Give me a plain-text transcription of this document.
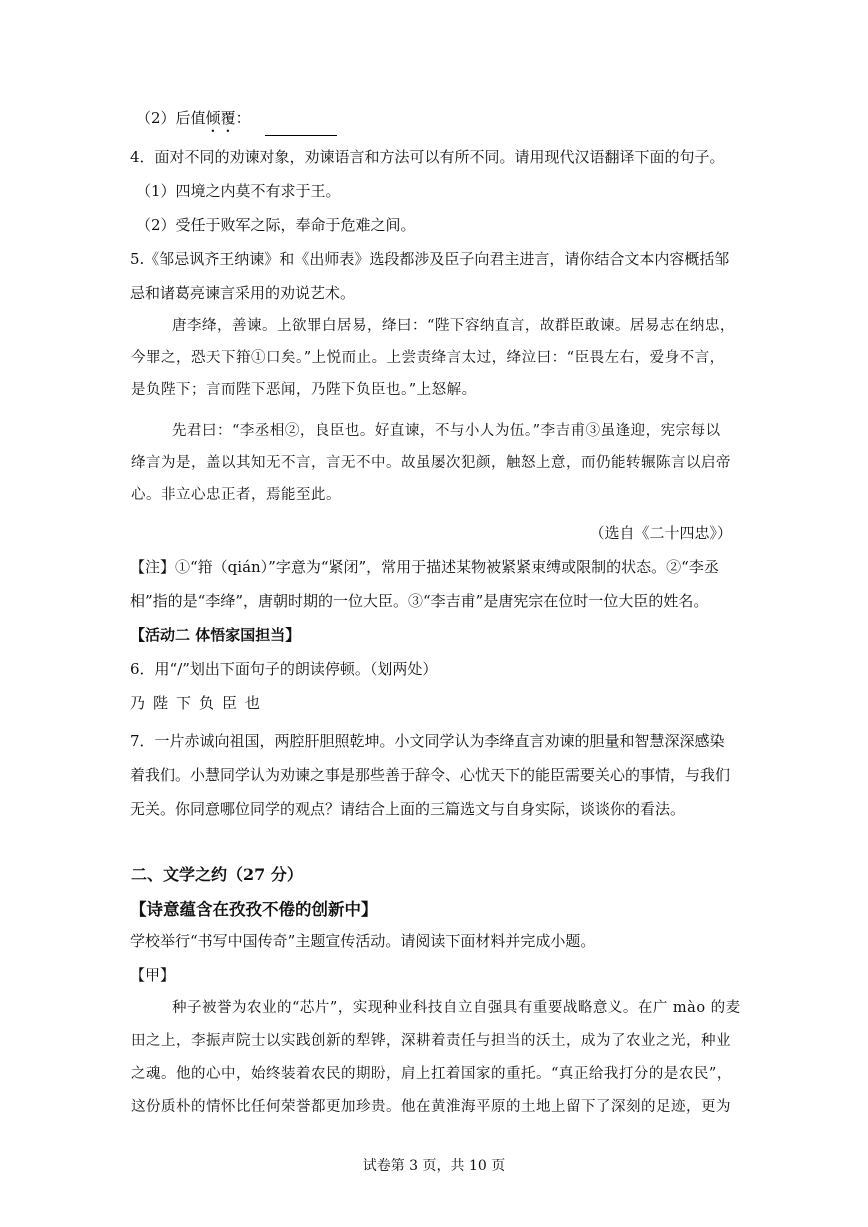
（2）后值倾覆：
4．面对不同的劝谏对象，劝谏语言和方法可以有所不同。请用现代汉语翻译下面的句子。
（1）四境之内莫不有求于王。
（2）受任于败军之际，奉命于危难之间。
5.《邹忌讽齐王纳谏》和《出师表》选段都涉及臣子向君主进言，请你结合文本内容概括邹
忌和诸葛亮谏言采用的劝说艺术。
唐李绛，善谏。上欲罪白居易，绛曰：“陛下容纳直言，故群臣敢谏。居易志在纳忠，
今罪之，恐天下箝①口矣。”上悦而止。上尝责绛言太过，绛泣曰：“臣畏左右，爱身不言，
是负陛下；言而陛下恶闻，乃陛下负臣也。”上怒解。
先君曰：“李丞相②，良臣也。好直谏，不与小人为伍。”李吉甫③虽逢迎，宪宗每以
绛言为是，盖以其知无不言，言无不中。故虽屡次犯颜，触怒上意，而仍能转辗陈言以启帝
心。非立心忠正者，焉能至此。
（选自《二十四忠》）
【注】①“箝（qián）”字意为“紧闭”，常用于描述某物被紧紧束缚或限制的状态。②“李丞
相”指的是“李绛”，唐朝时期的一位大臣。③“李吉甫”是唐宪宗在位时一位大臣的姓名。
【活动二 体悟家国担当】
6．用“/”划出下面句子的朗读停顿。（划两处）
乃陛下负臣也
7．一片赤诚向祖国，两腔肝胆照乾坤。小文同学认为李绛直言劝谏的胆量和智慧深深感染
着我们。小慧同学认为劝谏之事是那些善于辞令、心忧天下的能臣需要关心的事情，与我们
无关。你同意哪位同学的观点？请结合上面的三篇选文与自身实际，谈谈你的看法。
二、文学之约（27 分）
【诗意蕴含在孜孜不倦的创新中】
学校举行“书写中国传奇”主题宣传活动。请阅读下面材料并完成小题。
【甲】
种子被誉为农业的“芯片”，实现种业科技自立自强具有重要战略意义。在广 mào 的麦
田之上，李振声院士以实践创新的犁铧，深耕着责任与担当的沃土，成为了农业之光，种业
之魂。他的心中，始终装着农民的期盼，肩上扛着国家的重托。“真正给我打分的是农民”，
这份质朴的情怀比任何荣誉都更加珍贵。他在黄淮海平原的土地上留下了深刻的足迹，更为
试卷第 3 页，共 10 页
